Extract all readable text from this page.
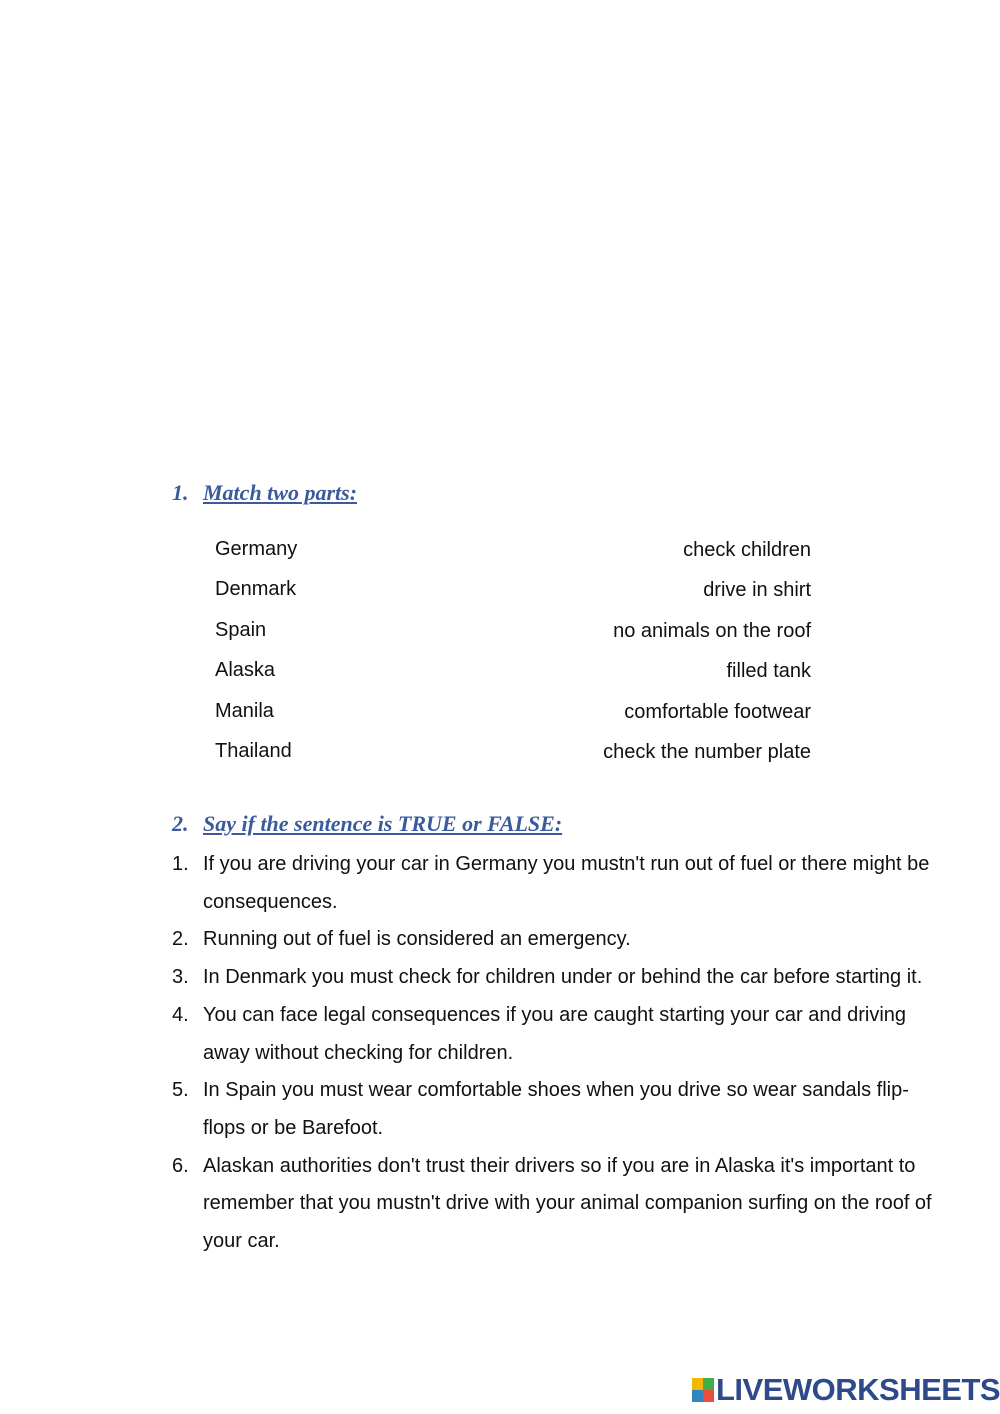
1. Match two parts:
Germany
Denmark
Spain
Alaska
Manila
Thailand
check children
drive in shirt
no animals on the roof
filled tank
comfortable footwear
check the number plate
2. Say if the sentence is TRUE or FALSE:
1. If you are driving your car in Germany you mustn't run out of fuel or there might be consequences.
2. Running out of fuel is considered an emergency.
3. In Denmark you must check for children under or behind the car before starting it.
4. You can face legal consequences if you are caught starting your car and driving away without checking for children.
5. In Spain you must wear comfortable shoes when you drive so wear sandals flip-flops or be Barefoot.
6. Alaskan authorities don't trust their drivers so if you are in Alaska it's important to remember that you mustn't drive with your animal companion surfing on the roof of your car.
LIVEWORKSHEETS
